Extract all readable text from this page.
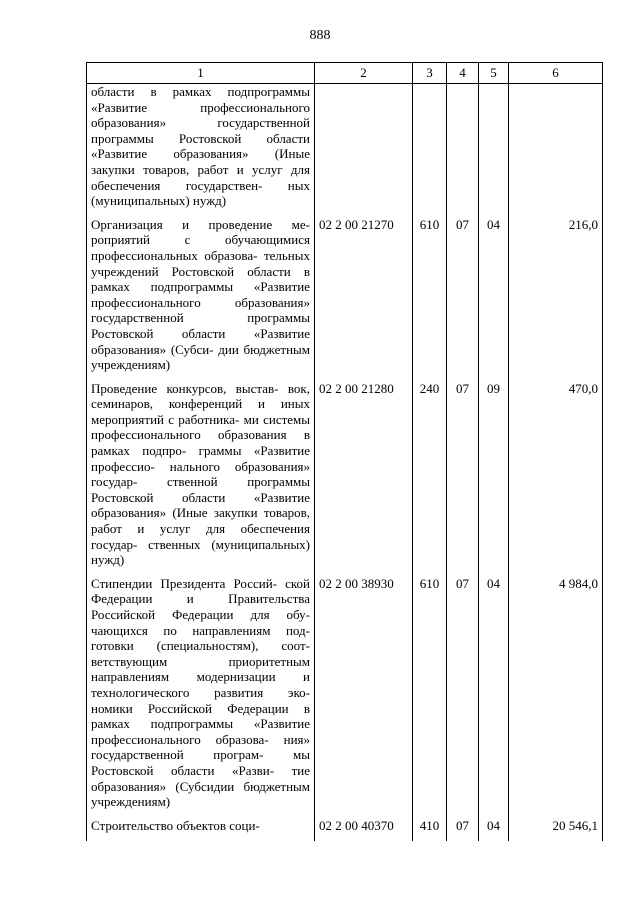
888
1	2	3	4	5	6
области в рамках подпрограммы «Развитие профессионального образования» государственной программы Ростовской области «Развитие образования» (Иные закупки товаров, работ и услуг для обеспечения государствен- ных (муниципальных) нужд)					
Организация и проведение ме- роприятий с обучающимися профессиональных образова- тельных учреждений Ростовской области в рамках подпрограммы «Развитие профессионального образования» государственной программы Ростовской области «Развитие образования» (Субси- дии бюджетным учреждениям)	02 2 00 21270	610	07	04	216,0
Проведение конкурсов, выстав- вок, семинаров, конференций и иных мероприятий с работника- ми системы профессионального образования в рамках подпро- граммы «Развитие профессио- нального образования» государ- ственной программы Ростовской области «Развитие образования» (Иные закупки товаров, работ и услуг для обеспечения государ- ственных (муниципальных) нужд)	02 2 00 21280	240	07	09	470,0
Стипендии Президента Россий- ской Федерации и Правительства Российской Федерации для обу- чающихся по направлениям под- готовки (специальностям), соот- ветствующим приоритетным направлениям модернизации и технологического развития эко- номики Российской Федерации в рамках подпрограммы «Развитие профессионального образова- ния» государственной програм- мы Ростовской области «Разви- тие образования» (Субсидии бюджетным учреждениям)	02 2 00 38930	610	07	04	4 984,0
Строительство объектов соци-	02 2 00 40370	410	07	04	20 546,1
